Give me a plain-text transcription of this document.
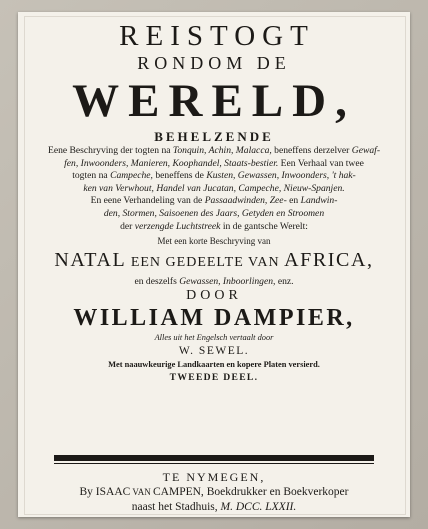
REISTOGT
RONDOM DE
WERELD,
BEHELZENDE
Eene Beschryving der togten na Tonquin, Achin, Malacca, beneffens derzelver Gewaf-
fen, Inwoonders, Manieren, Koophandel, Staats-bestier. Een Verhaal van twee
togten na Campeche, beneffens de Kusten, Gewassen, Inwoonders, 't hak-
ken van Verwhout, Handel van Jucatan, Campeche, Nieuw-Spanjen.
En eene Verhandeling van de Passaadwinden, Zee- en Landwin-
den, Stormen, Saisoenen des Jaars, Getyden en Stroomen
der verzengde Luchtstreek in de gantsche Werelt:
Met een korte Beschryving van
NATAL EEN GEDEELTE VAN AFRICA,
en deszelfs Gewassen, Inboorlingen, enz.
DOOR
WILLIAM DAMPIER,
Alles uit het Engelsch vertaalt door
W. SEWEL.
Met naauwkeurige Landkaarten en kopere Platen versierd.
TWEEDE DEEL.
TE NYMEGEN,
By ISAAC VAN CAMPEN, Boekdrukker en Boekverkoper
naast het Stadhuis, M. DCC. LXXII.
